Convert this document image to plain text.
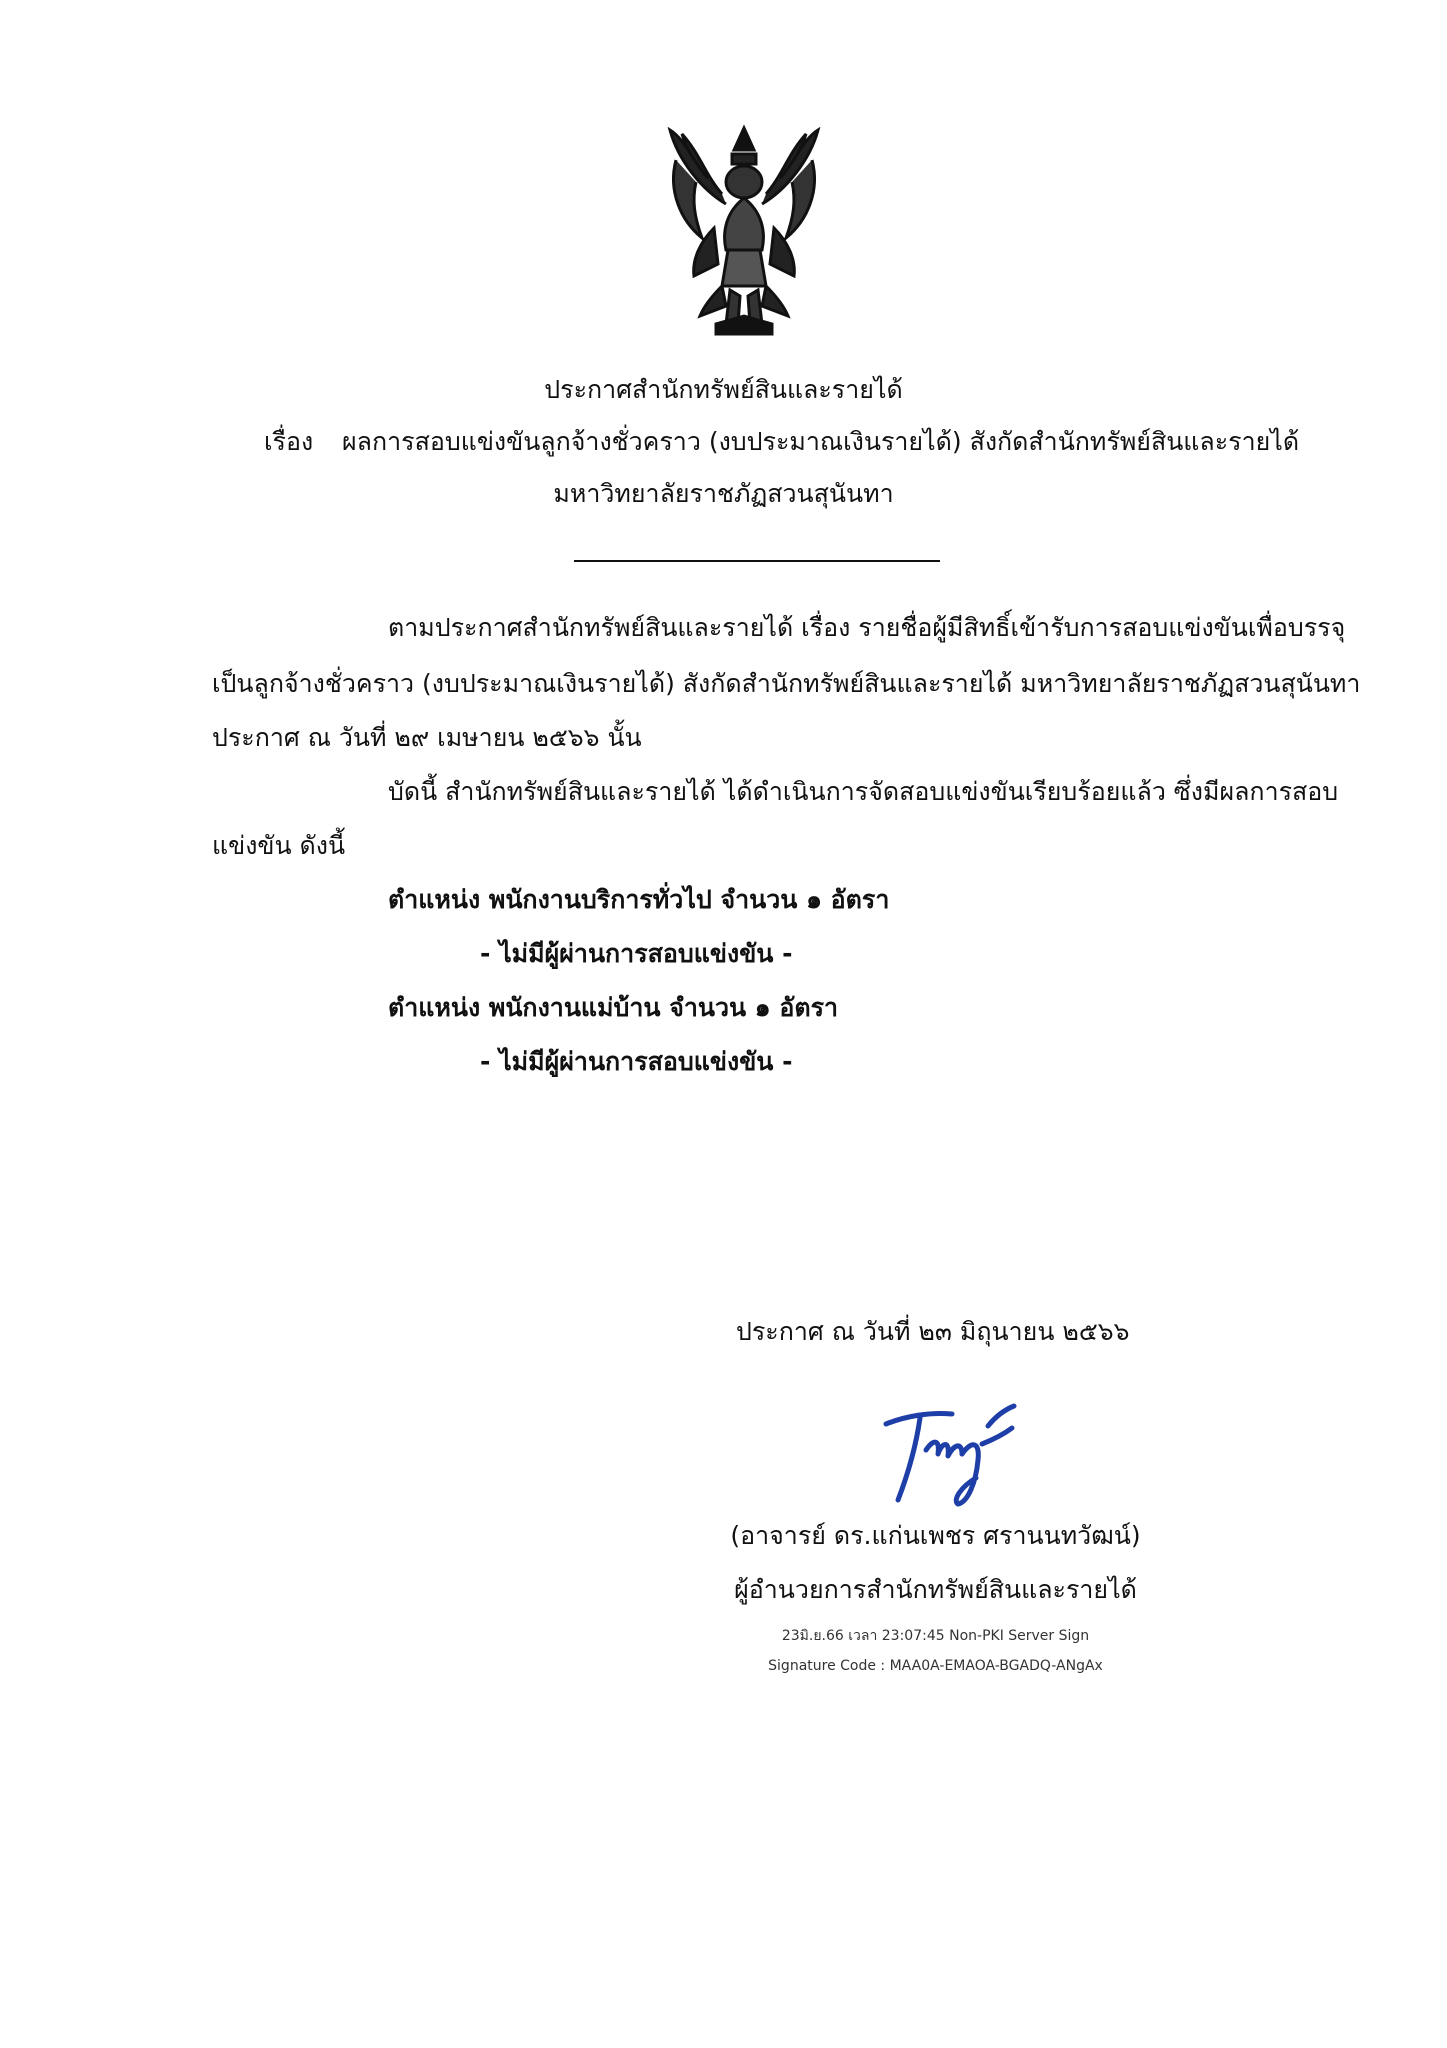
ประกาศสำนักทรัพย์สินและรายได้
เรื่อง ผลการสอบแข่งขันลูกจ้างชั่วคราว (งบประมาณเงินรายได้) สังกัดสำนักทรัพย์สินและรายได้
มหาวิทยาลัยราชภัฏสวนสุนันทา
ตามประกาศสำนักทรัพย์สินและรายได้ เรื่อง รายชื่อผู้มีสิทธิ์เข้ารับการสอบแข่งขันเพื่อบรรจุ
เป็นลูกจ้างชั่วคราว (งบประมาณเงินรายได้) สังกัดสำนักทรัพย์สินและรายได้ มหาวิทยาลัยราชภัฏสวนสุนันทา
ประกาศ ณ วันที่ ๒๙ เมษายน ๒๕๖๖ นั้น
บัดนี้ สำนักทรัพย์สินและรายได้ ได้ดำเนินการจัดสอบแข่งขันเรียบร้อยแล้ว ซึ่งมีผลการสอบ
แข่งขัน ดังนี้
ตำแหน่ง พนักงานบริการทั่วไป จำนวน ๑ อัตรา
- ไม่มีผู้ผ่านการสอบแข่งขัน -
ตำแหน่ง พนักงานแม่บ้าน จำนวน ๑ อัตรา
- ไม่มีผู้ผ่านการสอบแข่งขัน -
ประกาศ ณ วันที่ ๒๓ มิถุนายน ๒๕๖๖
(อาจารย์ ดร.แก่นเพชร ศรานนทวัฒน์)
ผู้อำนวยการสำนักทรัพย์สินและรายได้
23มิ.ย.66 เวลา 23:07:45 Non-PKI Server Sign
Signature Code : MAA0A-EMAOA-BGADQ-ANgAx
